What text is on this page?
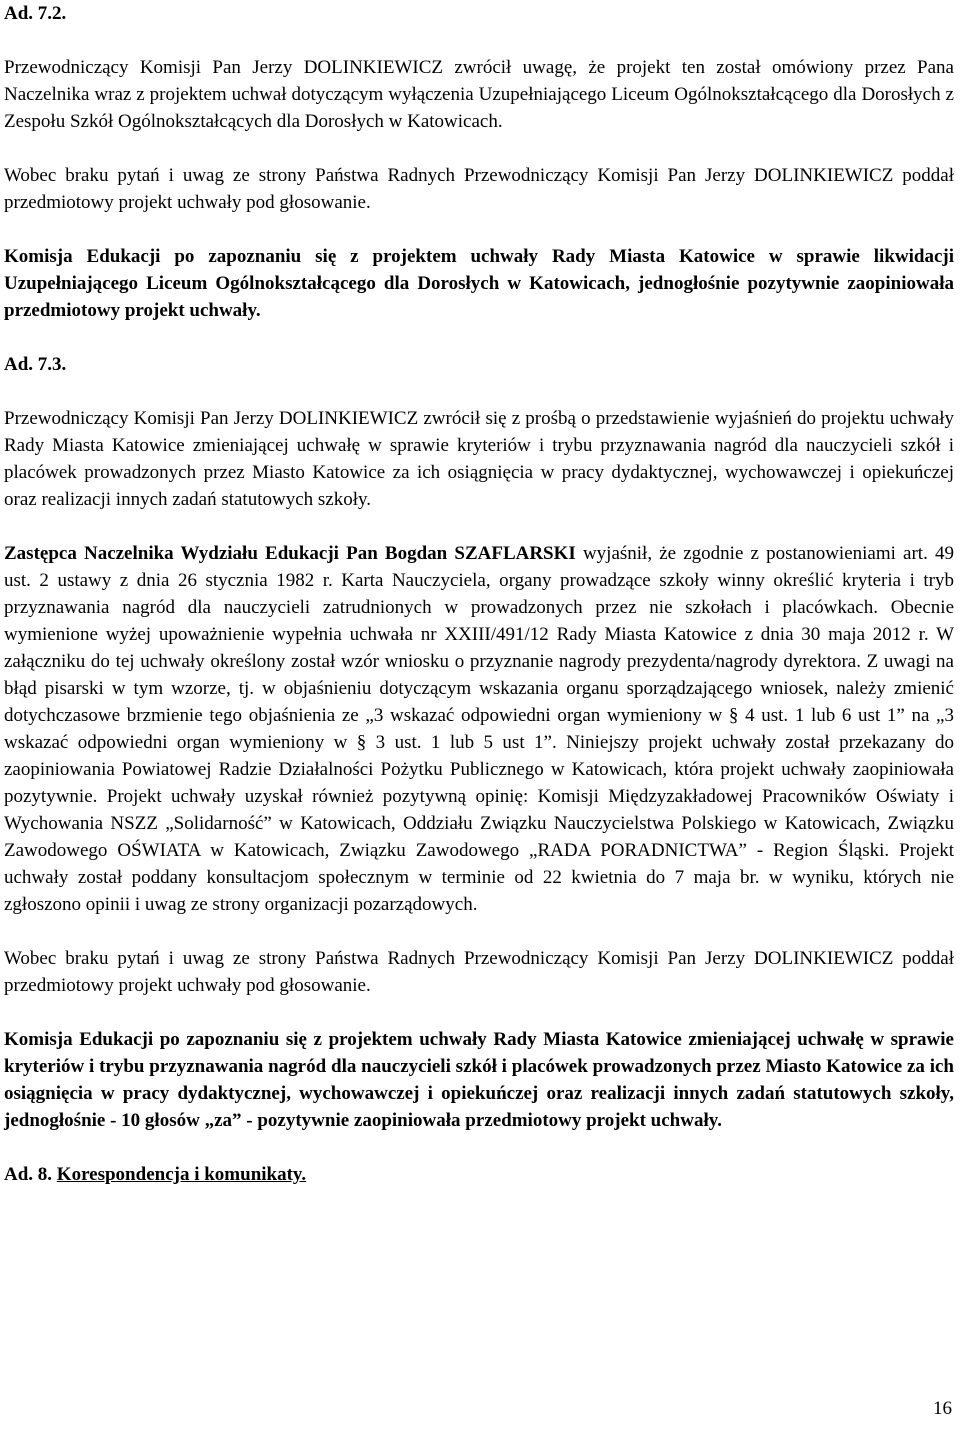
Ad. 7.2.

Przewodniczący Komisji Pan Jerzy DOLINKIEWICZ zwrócił uwagę, że projekt ten został omówiony przez Pana Naczelnika wraz z projektem uchwał dotyczącym wyłączenia Uzupełniającego Liceum Ogólnokształcącego dla Dorosłych z Zespołu Szkół Ogólnokształcących dla Dorosłych w Katowicach.

Wobec braku pytań i uwag ze strony Państwa Radnych Przewodniczący Komisji Pan Jerzy DOLINKIEWICZ poddał przedmiotowy projekt uchwały pod głosowanie.

Komisja Edukacji po zapoznaniu się z projektem uchwały Rady Miasta Katowice w sprawie likwidacji Uzupełniającego Liceum Ogólnokształcącego dla Dorosłych w Katowicach, jednogłośnie pozytywnie zaopiniowała przedmiotowy projekt uchwały.

Ad. 7.3.

Przewodniczący Komisji Pan Jerzy DOLINKIEWICZ zwrócił się z prośbą o przedstawienie wyjaśnień do projektu uchwały Rady Miasta Katowice zmieniającej uchwałę w sprawie kryteriów i trybu przyznawania nagród dla nauczycieli szkół i placówek prowadzonych przez Miasto Katowice za ich osiągnięcia w pracy dydaktycznej, wychowawczej i opiekuńczej oraz realizacji innych zadań statutowych szkoły.

Zastępca Naczelnika Wydziału Edukacji Pan Bogdan SZAFLARSKI wyjaśnił, że zgodnie z postanowieniami art. 49 ust. 2 ustawy z dnia 26 stycznia 1982 r. Karta Nauczyciela, organy prowadzące szkoły winny określić kryteria i tryb przyznawania nagród dla nauczycieli zatrudnionych w prowadzonych przez nie szkołach i placówkach. Obecnie wymienione wyżej upoważnienie wypełnia uchwała nr XXIII/491/12 Rady Miasta Katowice z dnia 30 maja 2012 r. W załączniku do tej uchwały określony został wzór wniosku o przyznanie nagrody prezydenta/nagrody dyrektora. Z uwagi na błąd pisarski w tym wzorze, tj. w objaśnieniu dotyczącym wskazania organu sporządzającego wniosek, należy zmienić dotychczasowe brzmienie tego objaśnienia ze „3 wskazać odpowiedni organ wymieniony w § 4 ust. 1 lub 6 ust 1” na „3 wskazać odpowiedni organ wymieniony w § 3 ust. 1 lub 5 ust 1”. Niniejszy projekt uchwały został przekazany do zaopiniowania Powiatowej Radzie Działalności Pożytku Publicznego w Katowicach, która projekt uchwały zaopiniowała pozytywnie. Projekt uchwały uzyskał również pozytywną opinię: Komisji Międzyzakładowej Pracowników Oświaty i Wychowania NSZZ „Solidarność” w Katowicach, Oddziału Związku Nauczycielstwa Polskiego w Katowicach, Związku Zawodowego OŚWIATA w Katowicach, Związku Zawodowego „RADA PORADNICTWA” - Region Śląski. Projekt uchwały został poddany konsultacjom społecznym w terminie od 22 kwietnia do 7 maja br. w wyniku, których nie zgłoszono opinii i uwag ze strony organizacji pozarządowych.

Wobec braku pytań i uwag ze strony Państwa Radnych Przewodniczący Komisji Pan Jerzy DOLINKIEWICZ poddał przedmiotowy projekt uchwały pod głosowanie.

Komisja Edukacji po zapoznaniu się z projektem uchwały Rady Miasta Katowice zmieniającej uchwałę w sprawie kryteriów i trybu przyznawania nagród dla nauczycieli szkół i placówek prowadzonych przez Miasto Katowice za ich osiągnięcia w pracy dydaktycznej, wychowawczej i opiekuńczej oraz realizacji innych zadań statutowych szkoły, jednogłośnie - 10 głosów „za” - pozytywnie zaopiniowała przedmiotowy projekt uchwały.

Ad. 8. Korespondencja i komunikaty.

16
